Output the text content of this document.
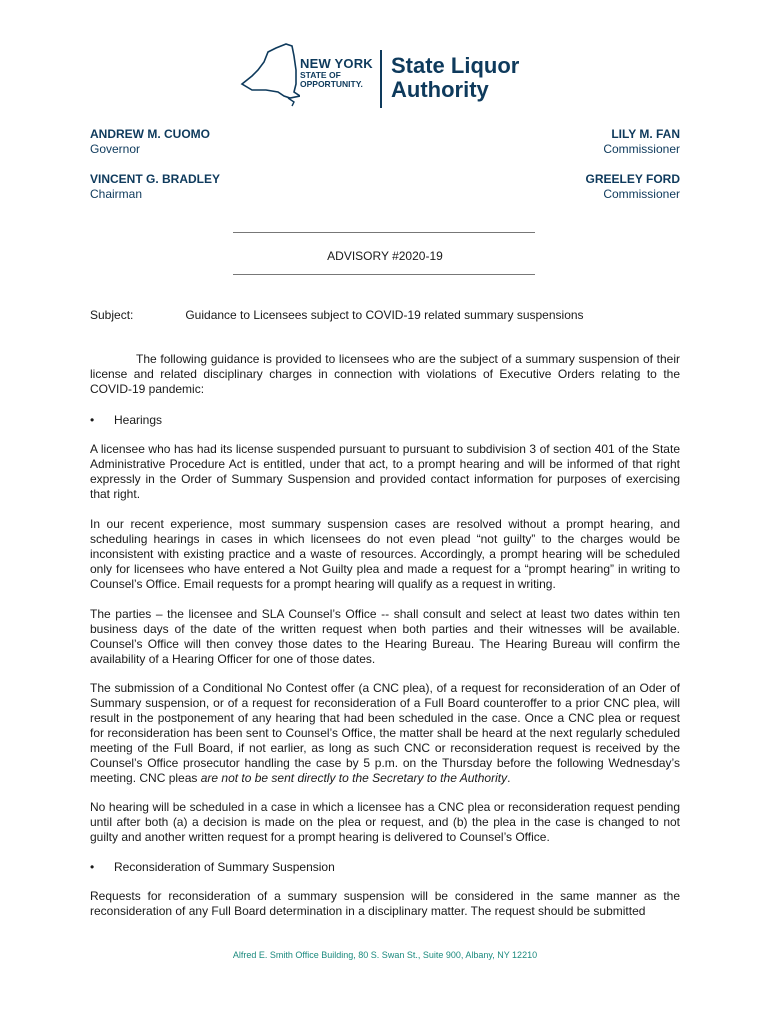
NEW YORK
STATE OF
OPPORTUNITY.
State Liquor
Authority
ANDREW M. CUOMO
Governor
LILY M. FAN
Commissioner
VINCENT G. BRADLEY
Chairman
GREELEY FORD
Commissioner
ADVISORY #2020-19
Subject:	Guidance to Licensees subject to COVID-19 related summary suspensions

The following guidance is provided to licensees who are the subject of a summary suspension of their license and related disciplinary charges in connection with violations of Executive Orders relating to the COVID-19 pandemic:

• Hearings

A licensee who has had its license suspended pursuant to pursuant to subdivision 3 of section 401 of the State Administrative Procedure Act is entitled, under that act, to a prompt hearing and will be informed of that right expressly in the Order of Summary Suspension and provided contact information for purposes of exercising that right.

In our recent experience, most summary suspension cases are resolved without a prompt hearing, and scheduling hearings in cases in which licensees do not even plead “not guilty” to the charges would be inconsistent with existing practice and a waste of resources. Accordingly, a prompt hearing will be scheduled only for licensees who have entered a Not Guilty plea and made a request for a “prompt hearing” in writing to Counsel’s Office. Email requests for a prompt hearing will qualify as a request in writing.

The parties – the licensee and SLA Counsel’s Office -- shall consult and select at least two dates within ten business days of the date of the written request when both parties and their witnesses will be available. Counsel’s Office will then convey those dates to the Hearing Bureau. The Hearing Bureau will confirm the availability of a Hearing Officer for one of those dates.

The submission of a Conditional No Contest offer (a CNC plea), of a request for reconsideration of an Oder of Summary suspension, or of a request for reconsideration of a Full Board counteroffer to a prior CNC plea, will result in the postponement of any hearing that had been scheduled in the case. Once a CNC plea or request for reconsideration has been sent to Counsel’s Office, the matter shall be heard at the next regularly scheduled meeting of the Full Board, if not earlier, as long as such CNC or reconsideration request is received by the Counsel’s Office prosecutor handling the case by 5 p.m. on the Thursday before the following Wednesday’s meeting. CNC pleas are not to be sent directly to the Secretary to the Authority.

No hearing will be scheduled in a case in which a licensee has a CNC plea or reconsideration request pending until after both (a) a decision is made on the plea or request, and (b) the plea in the case is changed to not guilty and another written request for a prompt hearing is delivered to Counsel’s Office.

• Reconsideration of Summary Suspension

Requests for reconsideration of a summary suspension will be considered in the same manner as the reconsideration of any Full Board determination in a disciplinary matter. The request should be submitted

Alfred E. Smith Office Building, 80 S. Swan St., Suite 900, Albany, NY 12210
